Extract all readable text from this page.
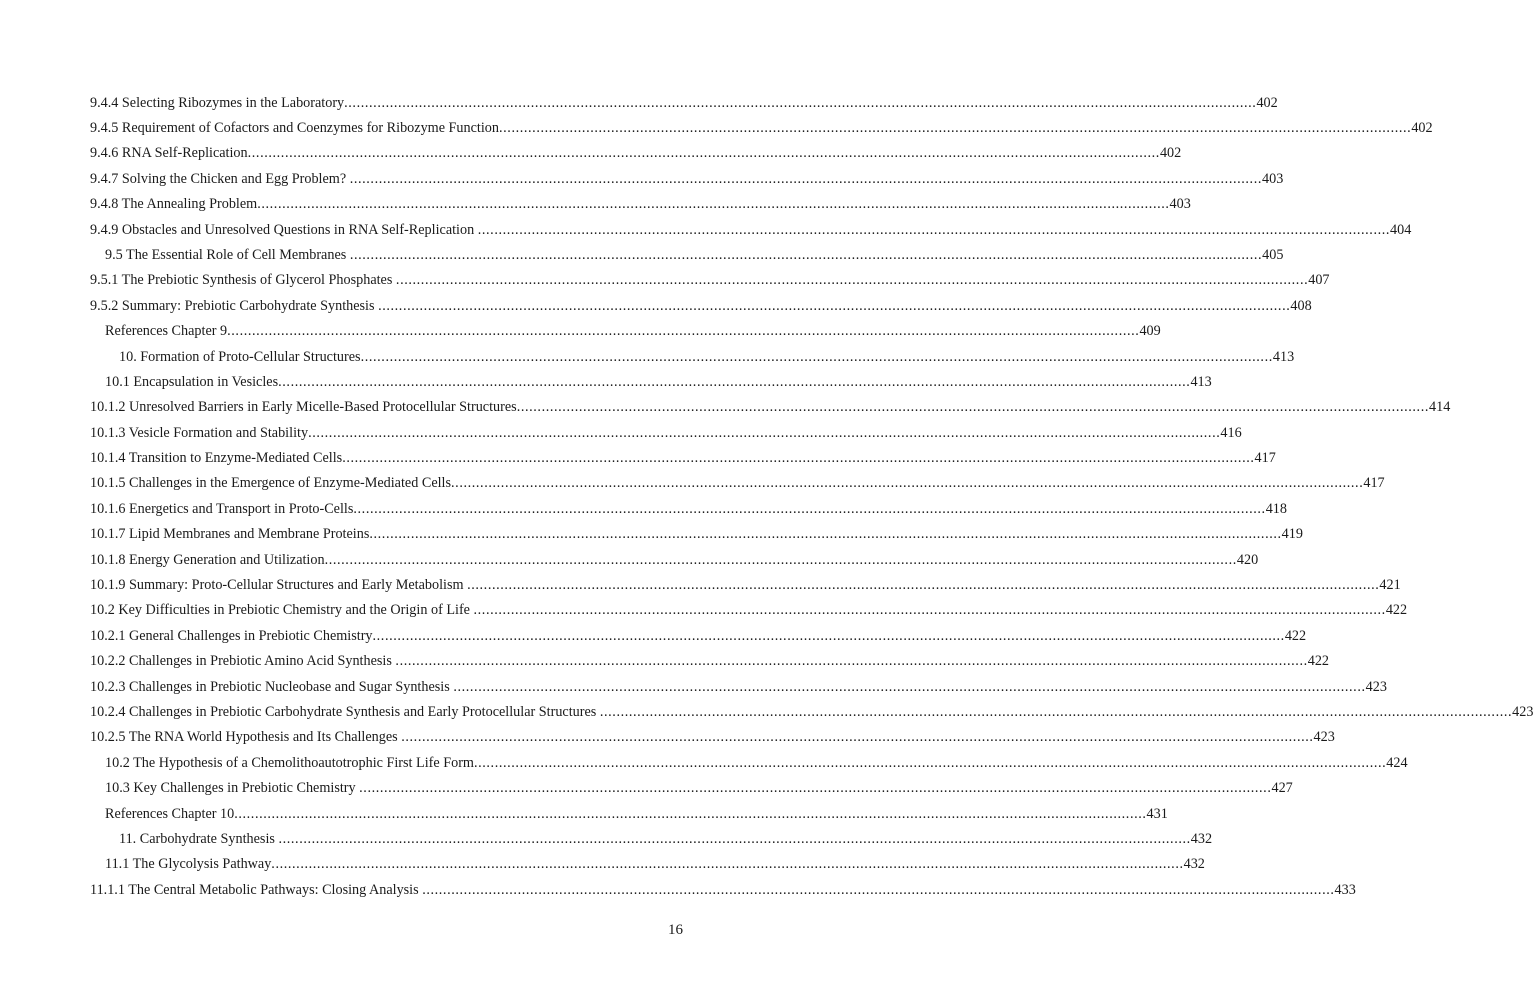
9.4.4 Selecting Ribozymes in the Laboratory ............................................................................................................................................................................................................................ 402
9.4.5 Requirement of Cofactors and Coenzymes for Ribozyme Function ............................................................................................................................................................................................................................ 402
9.4.6 RNA Self-Replication ............................................................................................................................................................................................................................ 402
9.4.7 Solving the Chicken and Egg Problem? ............................................................................................................................................................................................................................ 403
9.4.8 The Annealing Problem ............................................................................................................................................................................................................................ 403
9.4.9 Obstacles and Unresolved Questions in RNA Self-Replication ............................................................................................................................................................................................................................ 404
9.5 The Essential Role of Cell Membranes ............................................................................................................................................................................................................................ 405
9.5.1 The Prebiotic Synthesis of Glycerol Phosphates ............................................................................................................................................................................................................................ 407
9.5.2 Summary: Prebiotic Carbohydrate Synthesis ............................................................................................................................................................................................................................ 408
References Chapter 9 ............................................................................................................................................................................................................................ 409
10. Formation of Proto-Cellular Structures ............................................................................................................................................................................................................................ 413
10.1 Encapsulation in Vesicles ............................................................................................................................................................................................................................ 413
10.1.2 Unresolved Barriers in Early Micelle-Based Protocellular Structures ............................................................................................................................................................................................................................ 414
10.1.3 Vesicle Formation and Stability ............................................................................................................................................................................................................................ 416
10.1.4 Transition to Enzyme-Mediated Cells ............................................................................................................................................................................................................................ 417
10.1.5 Challenges in the Emergence of Enzyme-Mediated Cells ............................................................................................................................................................................................................................ 417
10.1.6 Energetics and Transport in Proto-Cells ............................................................................................................................................................................................................................ 418
10.1.7 Lipid Membranes and Membrane Proteins ............................................................................................................................................................................................................................ 419
10.1.8 Energy Generation and Utilization ............................................................................................................................................................................................................................ 420
10.1.9 Summary: Proto-Cellular Structures and Early Metabolism ............................................................................................................................................................................................................................ 421
10.2 Key Difficulties in Prebiotic Chemistry and the Origin of Life ............................................................................................................................................................................................................................ 422
10.2.1 General Challenges in Prebiotic Chemistry ............................................................................................................................................................................................................................ 422
10.2.2 Challenges in Prebiotic Amino Acid Synthesis ............................................................................................................................................................................................................................ 422
10.2.3 Challenges in Prebiotic Nucleobase and Sugar Synthesis ............................................................................................................................................................................................................................ 423
10.2.4 Challenges in Prebiotic Carbohydrate Synthesis and Early Protocellular Structures ............................................................................................................................................................................................................................ 423
10.2.5 The RNA World Hypothesis and Its Challenges ............................................................................................................................................................................................................................ 423
10.2 The Hypothesis of a Chemolithoautotrophic First Life Form ............................................................................................................................................................................................................................ 424
10.3 Key Challenges in Prebiotic Chemistry ............................................................................................................................................................................................................................ 427
References Chapter 10 ............................................................................................................................................................................................................................ 431
11. Carbohydrate Synthesis ............................................................................................................................................................................................................................ 432
11.1 The Glycolysis Pathway ............................................................................................................................................................................................................................ 432
11.1.1 The Central Metabolic Pathways: Closing Analysis ............................................................................................................................................................................................................................ 433
16
